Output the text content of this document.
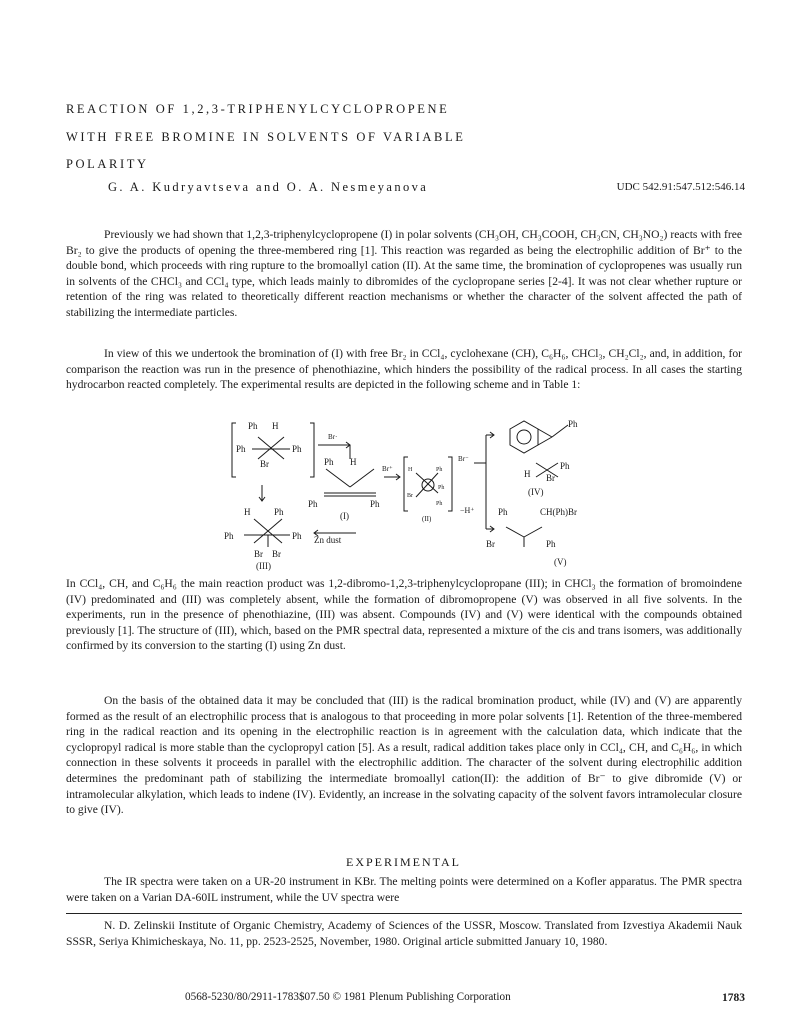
REACTION OF 1,2,3-TRIPHENYLCYCLOPROPENE
WITH FREE BROMINE IN SOLVENTS OF VARIABLE
POLARITY
G. A. Kudryavtseva and O. A. Nesmeyanova	UDC 542.91:547.512:546.14

Previously we had shown that 1,2,3-triphenylcyclopropene (I) in polar solvents (CH₃OH, CH₃COOH, CH₃CN, CH₃NO₂) reacts with free Br₂ to give the products of opening the three-membered ring [1]. This reaction was regarded as being the electrophilic addition of Br⁺ to the double bond, which proceeds with ring rupture to the bromoallyl cation (II). At the same time, the bromination of cyclopropenes was usually run in solvents of the CHCl₃ and CCl₄ type, which leads mainly to dibromides of the cyclopropane series [2-4]. It was not clear whether rupture or retention of the ring was related to theoretically different reaction mechanisms or whether the character of the solvent affected the path of stabilizing the intermediate particles.

In view of this we undertook the bromination of (I) with free Br₂ in CCl₄, cyclohexane (CH), C₆H₆, CHCl₃, CH₂Cl₂, and, in addition, for comparison the reaction was run in the presence of phenothiazine, which hinders the possibility of the radical process. In all cases the starting hydrocarbon reacted completely. The experimental results are depicted in the following scheme and in Table 1:

Ph H
Ph	Ph
Br
Br·
Ph H
Ph	Ph
(I)
Br⁺	H	Ph
Ph
Br
Ph
(II)
Br⁻
−H⁺
H	Ph
Ph	Ph
Br Br
(III)
Zn dust
Ph
H
Ph
Br
(IV)
Ph	CH(Ph)Br
Br	Ph
(V)

In CCl₄, CH, and C₆H₆ the main reaction product was 1,2-dibromo-1,2,3-triphenylcyclopropane (III); in CHCl₃ the formation of bromoindene (IV) predominated and (III) was completely absent, while the formation of dibromopropene (V) was observed in all five solvents. In the experiments, run in the presence of phenothiazine, (III) was absent. Compounds (IV) and (V) were identical with the compounds obtained previously [1]. The structure of (III), which, based on the PMR spectral data, represented a mixture of the cis and trans isomers, was additionally confirmed by its conversion to the starting (I) using Zn dust.

On the basis of the obtained data it may be concluded that (III) is the radical bromination product, while (IV) and (V) are apparently formed as the result of an electrophilic process that is analogous to that proceeding in more polar solvents [1]. Retention of the three-membered ring in the radical reaction and its opening in the electrophilic reaction is in agreement with the calculation data, which indicate that the cyclopropyl radical is more stable than the cyclopropyl cation [5]. As a result, radical addition takes place only in CCl₄, CH, and C₆H₆, in which connection in these solvents it proceeds in parallel with the electrophilic addition. The character of the solvent during electrophilic addition determines the predominant path of stabilizing the intermediate bromoallyl cation(II): the addition of Br⁻ to give dibromide (V) or intramolecular alkylation, which leads to indene (IV). Evidently, an increase in the solvating capacity of the solvent favors intramolecular closure to give (IV).

EXPERIMENTAL

The IR spectra were taken on a UR-20 instrument in KBr. The melting points were determined on a Kofler apparatus. The PMR spectra were taken on a Varian DA-60IL instrument, while the UV spectra were

N. D. Zelinskii Institute of Organic Chemistry, Academy of Sciences of the USSR, Moscow. Translated from Izvestiya Akademii Nauk SSSR, Seriya Khimicheskaya, No. 11, pp. 2523-2525, November, 1980. Original article submitted January 10, 1980.

0568-5230/80/2911-1783$07.50 © 1981 Plenum Publishing Corporation	1783
